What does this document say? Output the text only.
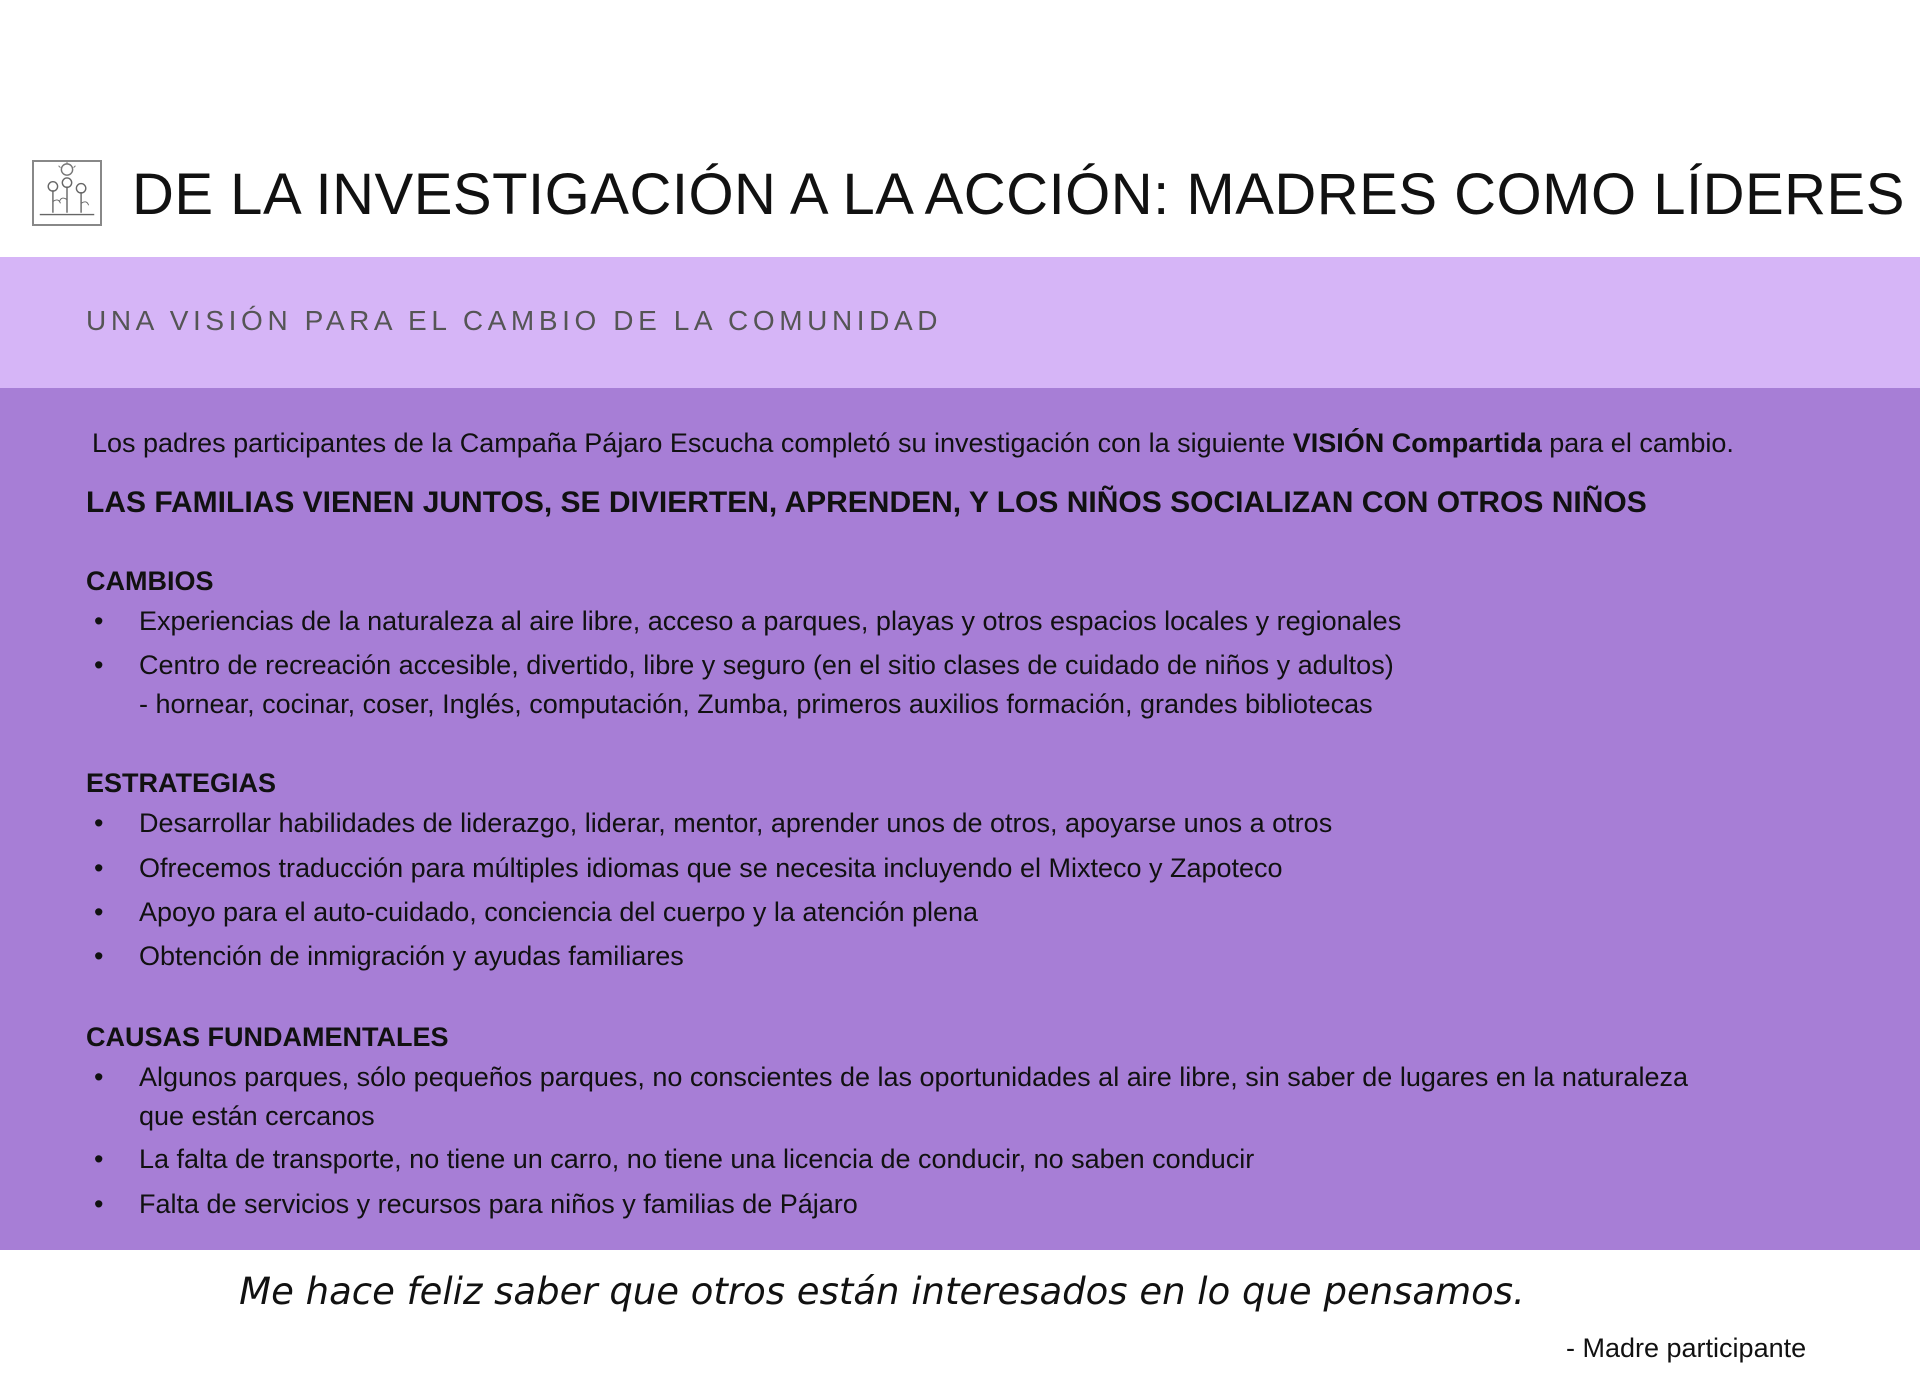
DE LA INVESTIGACIÓN A LA ACCIÓN: MADRES COMO LÍDERES
UNA VISIÓN PARA EL CAMBIO DE LA COMUNIDAD
Los padres participantes de la Campaña Pájaro Escucha completó su investigación con la siguiente VISIÓN Compartida para el cambio.
LAS FAMILIAS VIENEN JUNTOS, SE DIVIERTEN, APRENDEN, Y LOS NIÑOS SOCIALIZAN CON OTROS NIÑOS
CAMBIOS
• Experiencias de la naturaleza al aire libre, acceso a parques, playas y otros espacios locales y regionales
• Centro de recreación accesible, divertido, libre y seguro (en el sitio clases de cuidado de niños y adultos)
- hornear, cocinar, coser, Inglés, computación, Zumba, primeros auxilios formación, grandes bibliotecas
ESTRATEGIAS
• Desarrollar habilidades de liderazgo, liderar, mentor, aprender unos de otros, apoyarse unos a otros
• Ofrecemos traducción para múltiples idiomas que se necesita incluyendo el Mixteco y Zapoteco
• Apoyo para el auto-cuidado, conciencia del cuerpo y la atención plena
• Obtención de inmigración y ayudas familiares
CAUSAS FUNDAMENTALES
• Algunos parques, sólo pequeños parques, no conscientes de las oportunidades al aire libre, sin saber de lugares en la naturaleza
que están cercanos
• La falta de transporte, no tiene un carro, no tiene una licencia de conducir, no saben conducir
• Falta de servicios y recursos para niños y familias de Pájaro
Me hace feliz saber que otros están interesados en lo que pensamos.
- Madre participante
